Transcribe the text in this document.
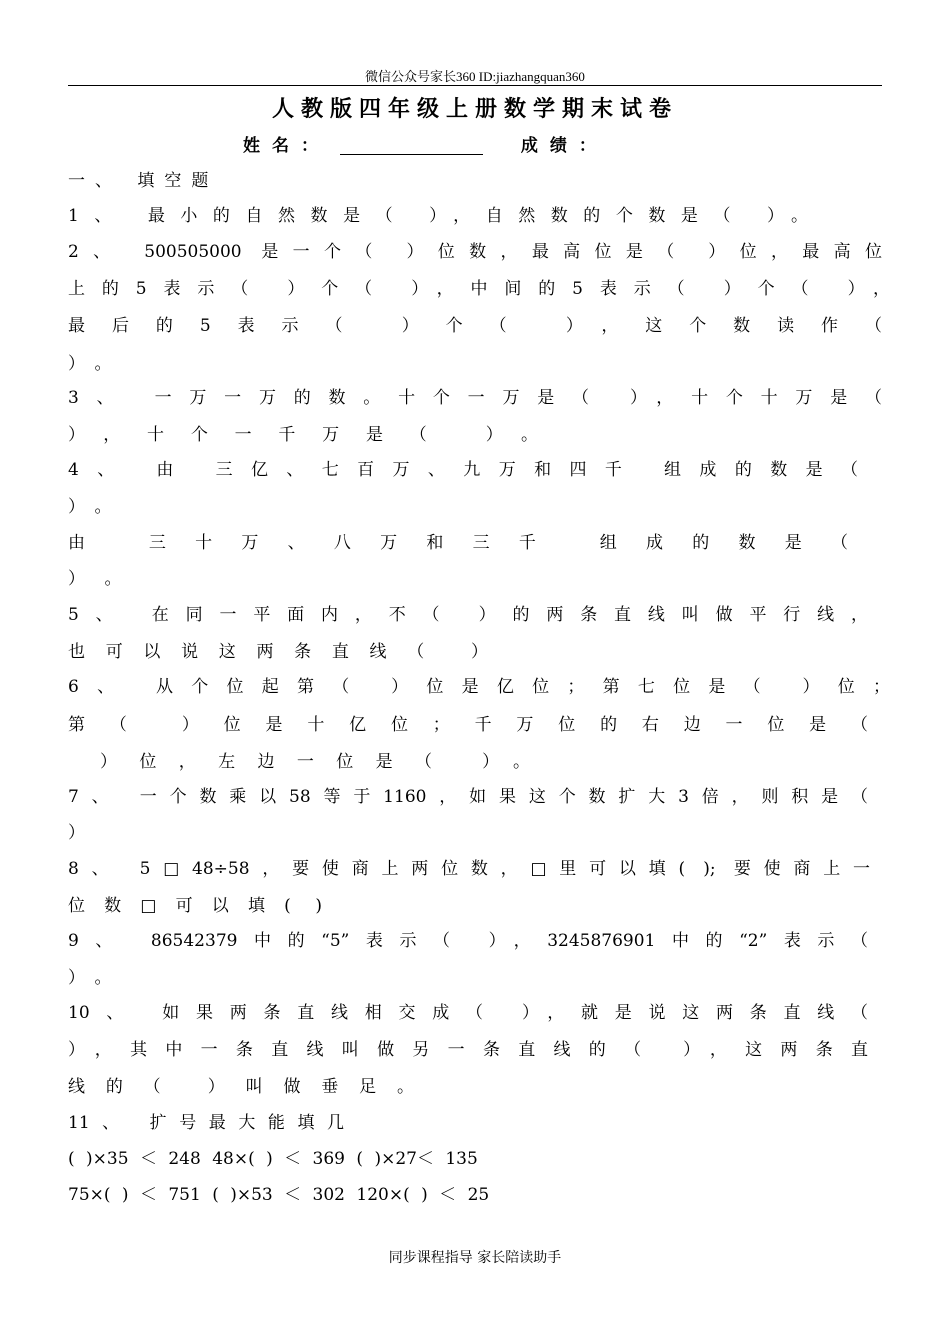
微信公众号家长360 ID:jiazhangquan360
人教版四年级上册数学期末试卷
姓名：	成绩：
一、 填空题
1、 最小的自然数是（ ），自然数的个数是（ ）。
2、 500505000 是一个（ ）位数，最高位是（ ）位，最高位
上的5表示（ ）个（ ），中间的5表示（ ）个（ ），
最后的5表示（ ）个（ ），这个数读作（
）。
3、 一万一万的数。十个一万是（ ），十个十万是（
），十个一千万是（ ）。
4、 由 三亿、七百万、九万和四千 组成的数是（
）。
由 三十万、八万和三千 组成的数是（
）。
5、 在同一平面内，不（ ）的两条直线叫做平行线，
也可以说这两条直线（ ）
6、 从个位起第（ ）位是亿位；第七位是（ ）位；
第（ ）位是十亿位；千万位的右边一位是（
）位，左边一位是（ ）。
7、 一个数乘以58等于1160，如果这个数扩大3倍，则积是（
）
8、 5□48÷58，要使商上两位数，□里可以填( ); 要使商上一
位数□可以填( )
9、 86542379中的“5”表示（ ），3245876901中的“2”表示（
）。
10、 如果两条直线相交成（ ），就是说这两条直线（
），其中一条直线叫做另一条直线的（ ），这两条直
线的（ ）叫做垂足。
11、 扩号最大能填几
( )×35 ＜ 248 48×( ) ＜ 369 ( )×27＜ 135
75×( ) ＜ 751 ( )×53 ＜ 302 120×( ) ＜ 25
同步课程指导 家长陪读助手
